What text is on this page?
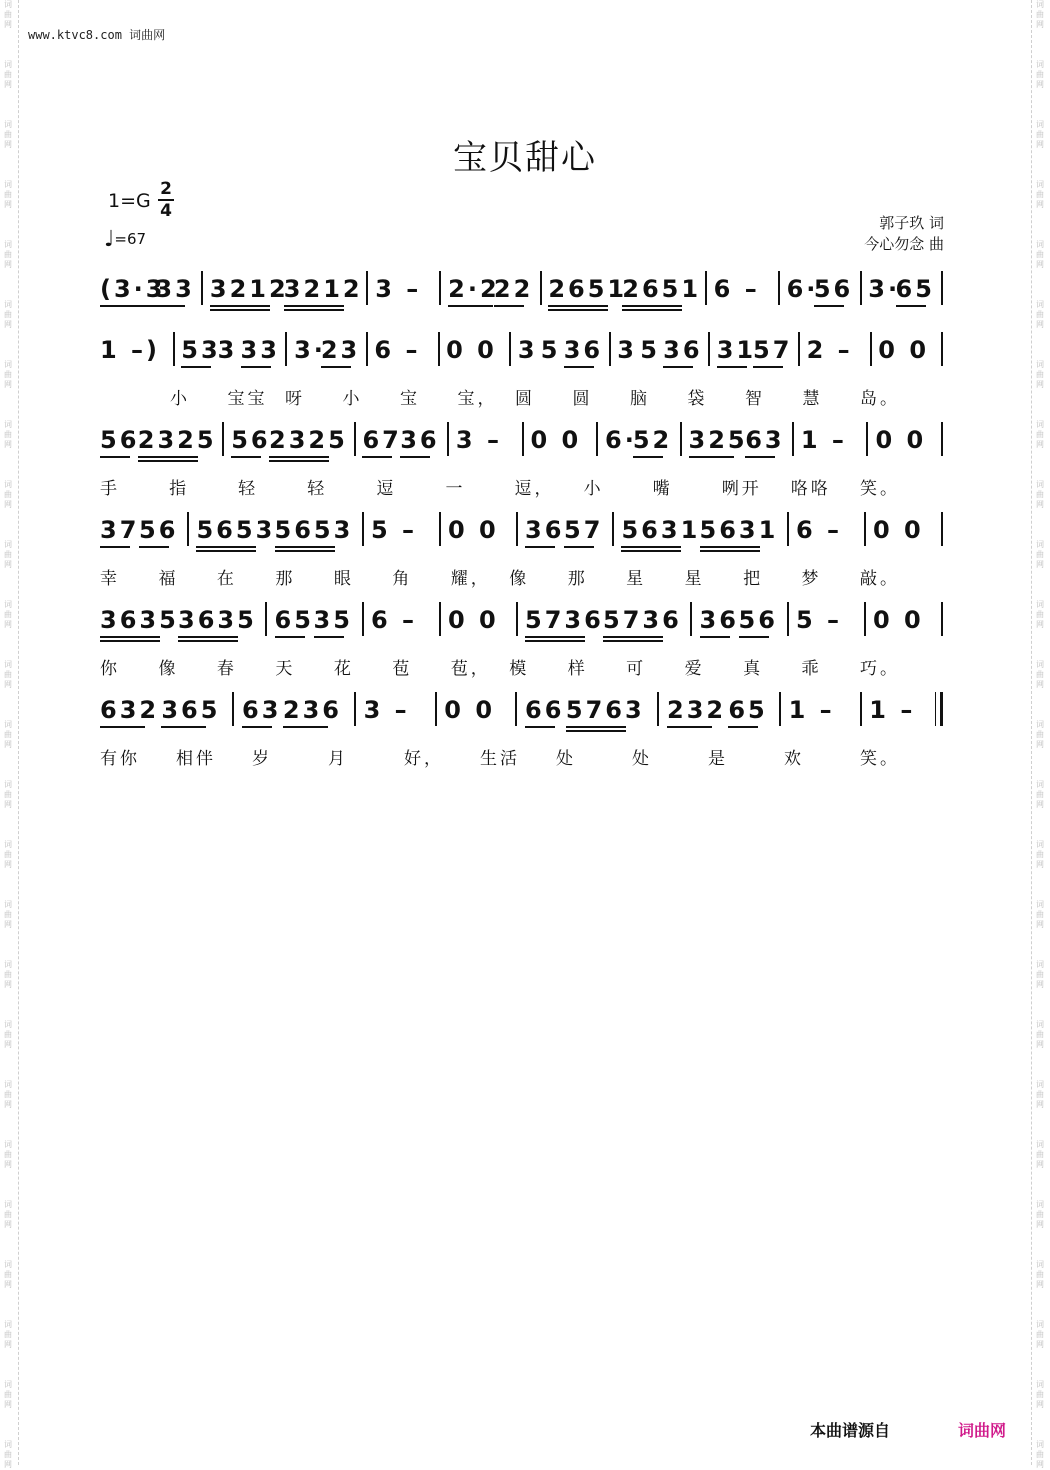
词
曲
网
词
曲
网
词
曲
网
词
曲
网
词
曲
网
词
曲
网
词
曲
网
词
曲
网
词
曲
网
词
曲
网
词
曲
网
词
曲
网
词
曲
网
词
曲
网
词
曲
网
词
曲
网
词
曲
网
词
曲
网
词
曲
网
词
曲
网
词
曲
网
词
曲
网
词
曲
网
词
曲
网
词
曲
网
词
曲
网
词
曲
网
词
曲
网
词
曲
网
词
曲
网
词
曲
网
词
曲
网
词
曲
网
词
曲
网
词
曲
网
词
曲
网
词
曲
网
词
曲
网
词
曲
网
词
曲
网
词
曲
网
词
曲
网
词
曲
网
词
曲
网
词
曲
网
词
曲
网
词
曲
网
词
曲
网
词
曲
网
词
曲
网
www.ktvc8.com 词曲网
宝贝甜心
1=G
2
4
♩=67
郭子玖 词
今心勿念 曲
(3·3
33 3212
3212 3 – 2·2
22 2651
2651 6 – 6·
56 3·
65
1 –) 53
3 33 3·
23 6 – 0 0 3 5 36 3 5 36 31
57 2 – 0 0
小 宝宝 呀 小 宝 宝， 圆 圆 脑 袋 智 慧 岛。
56
2325 56
2325 67
36 3 – 0 0 6·
52 325
63 1 – 0 0
手	指	轻	轻	逗	一	逗， 小	嘴	咧开 咯咯 笑。
37 56 5653 5653 5 – 0 0 36 57 5631 5631 6 – 0 0
幸 福 在 那 眼 角 耀， 像 那 星 星 把 梦 敲。
3635 3635 65 35 6 – 0 0 5736 5736 36 56 5 – 0 0
你 像 春 天 花 苞 苞， 模 样 可 爱 真 乖 巧。
632 365 63 236 3 – 0 0 66 5763 232 65 1 – 1 –
有你 相伴 岁	月	好， 生活 处	处	是	欢	笑。
本曲谱源自	词曲网
